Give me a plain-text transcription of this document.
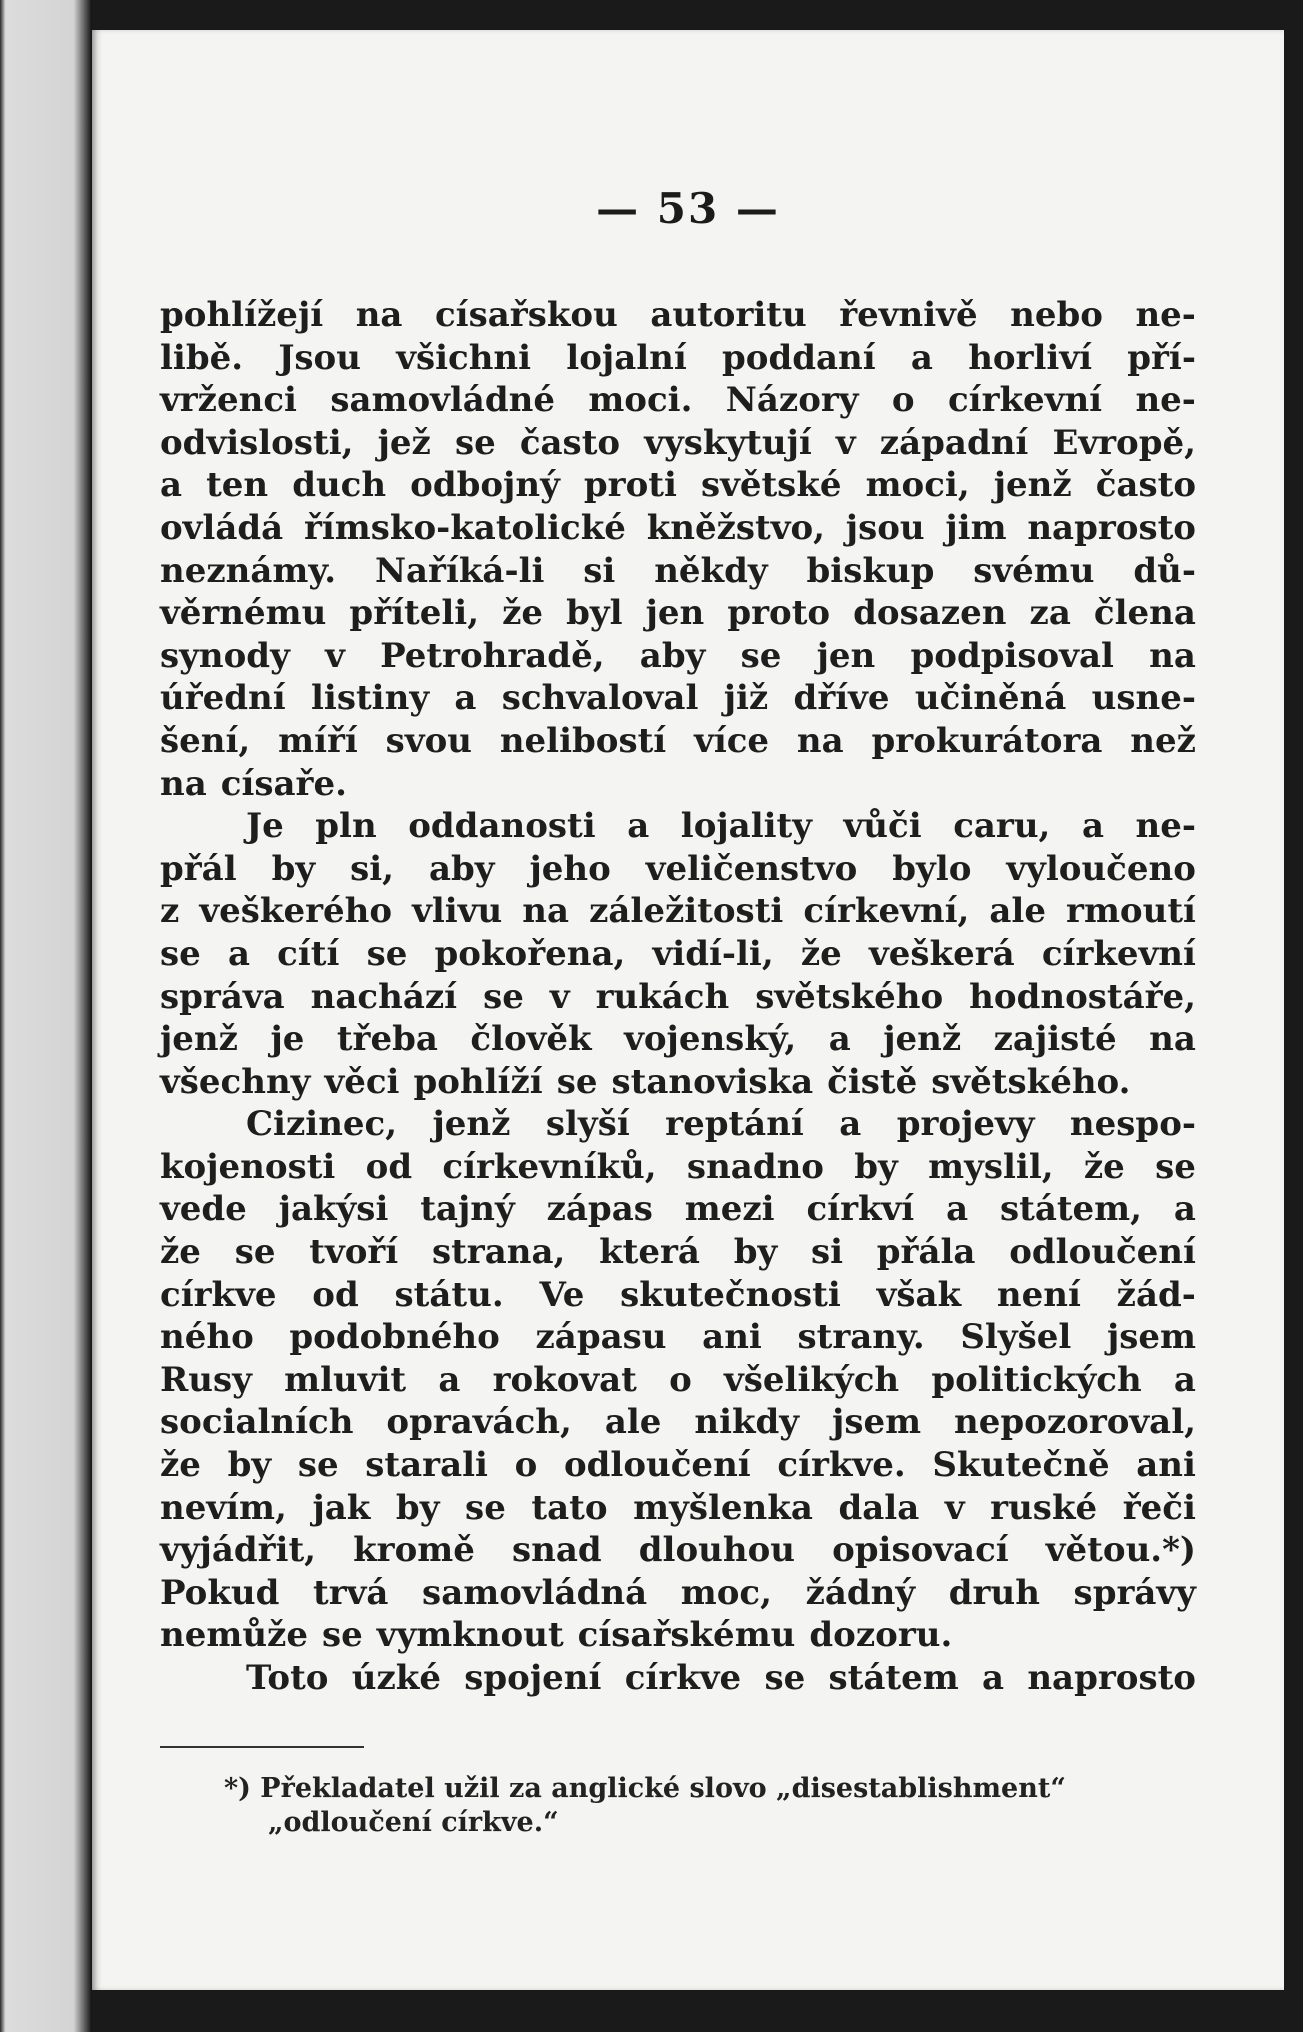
— 53 —
pohlížejí na císařskou autoritu řevnivě nebo ne-
libě. Jsou všichni lojalní poddaní a horliví pří-
vrženci samovládné moci. Názory o církevní ne-
odvislosti, jež se často vyskytují v západní Evropě,
a ten duch odbojný proti světské moci, jenž často
ovládá římsko-katolické kněžstvo, jsou jim naprosto
neznámy. Naříká-li si někdy biskup svému dů-
věrnému příteli, že byl jen proto dosazen za člena
synody v Petrohradě, aby se jen podpisoval na
úřední listiny a schvaloval již dříve učiněná usne-
šení, míří svou nelibostí více na prokurátora než
na císaře.
Je pln oddanosti a lojality vůči caru, a ne-
přál by si, aby jeho veličenstvo bylo vyloučeno
z veškerého vlivu na záležitosti církevní, ale rmoutí
se a cítí se pokořena, vidí-li, že veškerá církevní
správa nachází se v rukách světského hodnostáře,
jenž je třeba člověk vojenský, a jenž zajisté na
všechny věci pohlíží se stanoviska čistě světského.
Cizinec, jenž slyší reptání a projevy nespo-
kojenosti od církevníků, snadno by myslil, že se
vede jakýsi tajný zápas mezi církví a státem, a
že se tvoří strana, která by si přála odloučení
církve od státu. Ve skutečnosti však není žád-
ného podobného zápasu ani strany. Slyšel jsem
Rusy mluvit a rokovat o všelikých politických a
socialních opravách, ale nikdy jsem nepozoroval,
že by se starali o odloučení církve. Skutečně ani
nevím, jak by se tato myšlenka dala v ruské řeči
vyjádřit, kromě snad dlouhou opisovací větou.*)
Pokud trvá samovládná moc, žádný druh správy
nemůže se vymknout císařskému dozoru.
Toto úzké spojení církve se státem a naprosto
*) Překladatel užil za anglické slovo „disestablishment“
„odloučení církve.“
